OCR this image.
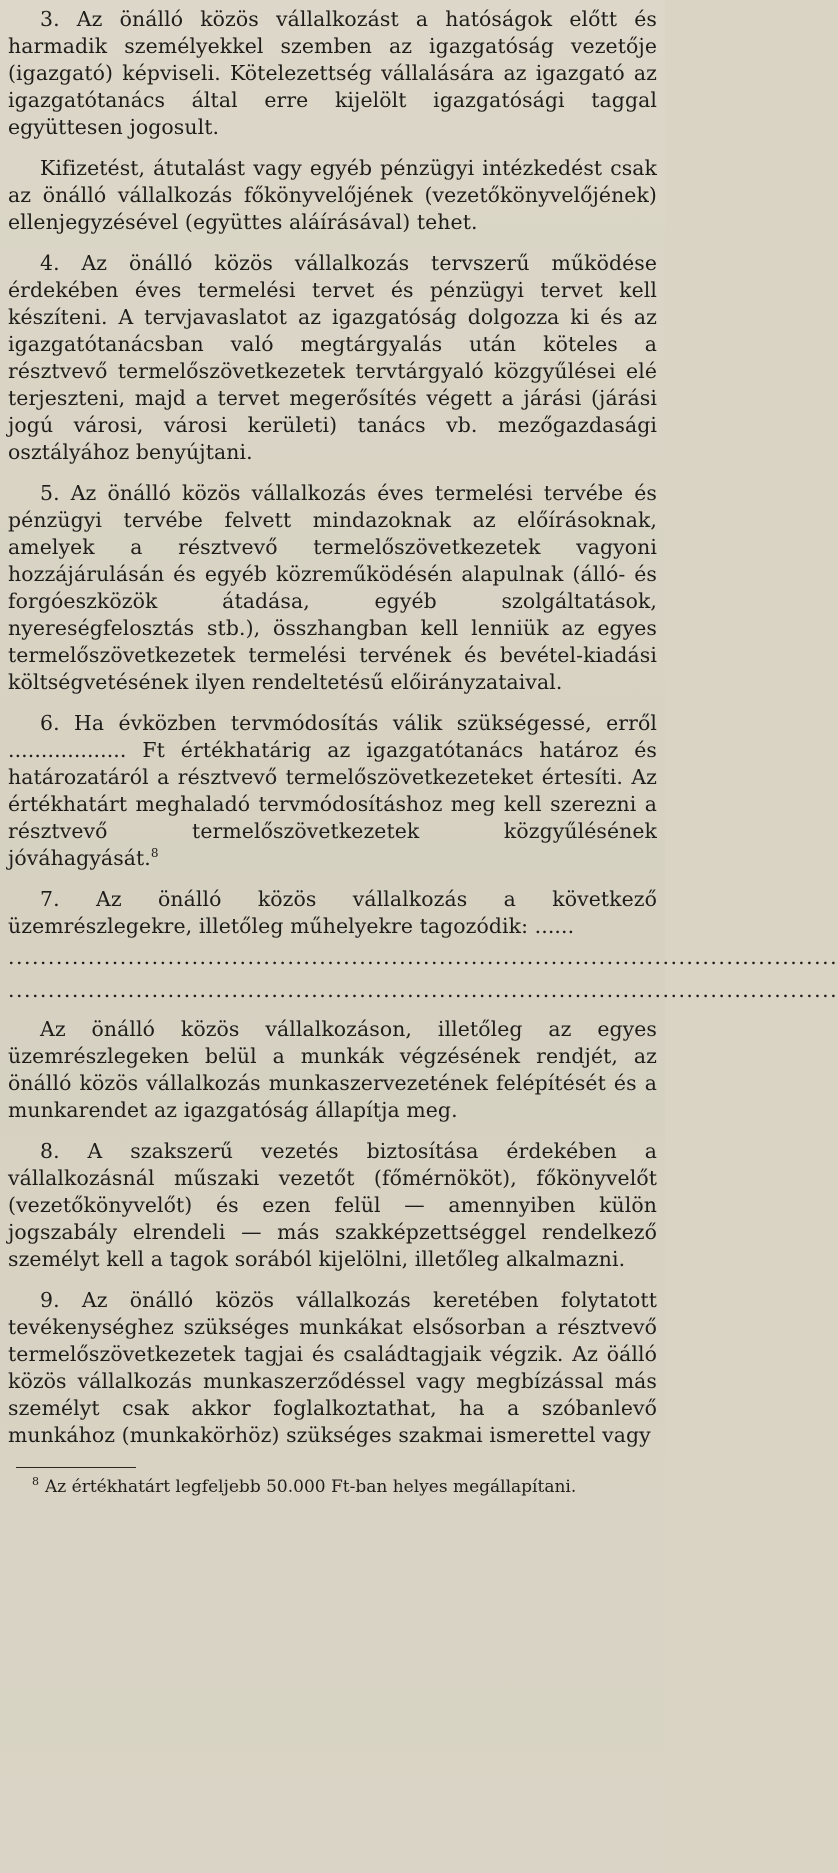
3. Az önálló közös vállalkozást a hatóságok előtt és harmadik személyekkel szemben az igazgatóság vezetője (igazgató) képviseli. Kötelezettség vállalására az igazgató az igazgatótanács által erre kijelölt igazgatósági taggal együttesen jogosult.

Kifizetést, átutalást vagy egyéb pénzügyi intézkedést csak az önálló vállalkozás főkönyvelőjének (vezetőkönyvelőjének) ellenjegyzésével (együttes aláírásával) tehet.

4. Az önálló közös vállalkozás tervszerű működése érdekében éves termelési tervet és pénzügyi tervet kell készíteni. A tervjavaslatot az igazgatóság dolgozza ki és az igazgatótanácsban való megtárgyalás után köteles a résztvevő termelőszövetkezetek tervtárgyaló közgyűlései elé terjeszteni, majd a tervet megerősítés végett a járási (járási jogú városi, városi kerületi) tanács vb. mezőgazdasági osztályához benyújtani.

5. Az önálló közös vállalkozás éves termelési tervébe és pénzügyi tervébe felvett mindazoknak az előírásoknak, amelyek a résztvevő termelőszövetkezetek vagyoni hozzájárulásán és egyéb közreműködésén alapulnak (álló- és forgóeszközök átadása, egyéb szolgáltatások, nyereségfelosztás stb.), összhangban kell lenniük az egyes termelőszövetkezetek termelési tervének és bevétel-kiadási költségvetésének ilyen rendeltetésű előirányzataival.

6. Ha évközben tervmódosítás válik szükségessé, erről .................. Ft értékhatárig az igazgatótanács határoz és határozatáról a résztvevő termelőszövetkezeteket értesíti. Az értékhatárt meghaladó tervmódosításhoz meg kell szerezni a résztvevő termelőszövetkezetek közgyűlésének jóváhagyását.$^8$

7. Az önálló közös vállalkozás a következő üzemrészlegekre, illetőleg műhelyekre tagozódik: ......

........................................................................................................
........................................................................................................

Az önálló közös vállalkozáson, illetőleg az egyes üzemrészlegeken belül a munkák végzésének rendjét, az önálló közös vállalkozás munkaszervezetének felépítését és a munkarendet az igazgatóság állapítja meg.

8. A szakszerű vezetés biztosítása érdekében a vállalkozásnál műszaki vezetőt (főmérnököt), főkönyvelőt (vezetőkönyvelőt) és ezen felül — amennyiben külön jogszabály elrendeli — más szakképzettséggel rendelkező személyt kell a tagok sorából kijelölni, illetőleg alkalmazni.

9. Az önálló közös vállalkozás keretében folytatott tevékenységhez szükséges munkákat elsősorban a résztvevő termelőszövetkezetek tagjai és családtagjaik végzik. Az öálló közös vállalkozás munkaszerződéssel vagy megbízással más személyt csak akkor foglalkoztathat, ha a szóbanlevő munkához (munkakörhöz) szükséges szakmai ismerettel vagy

$^8$ Az értékhatárt legfeljebb 50.000 Ft-ban helyes megállapítani.
